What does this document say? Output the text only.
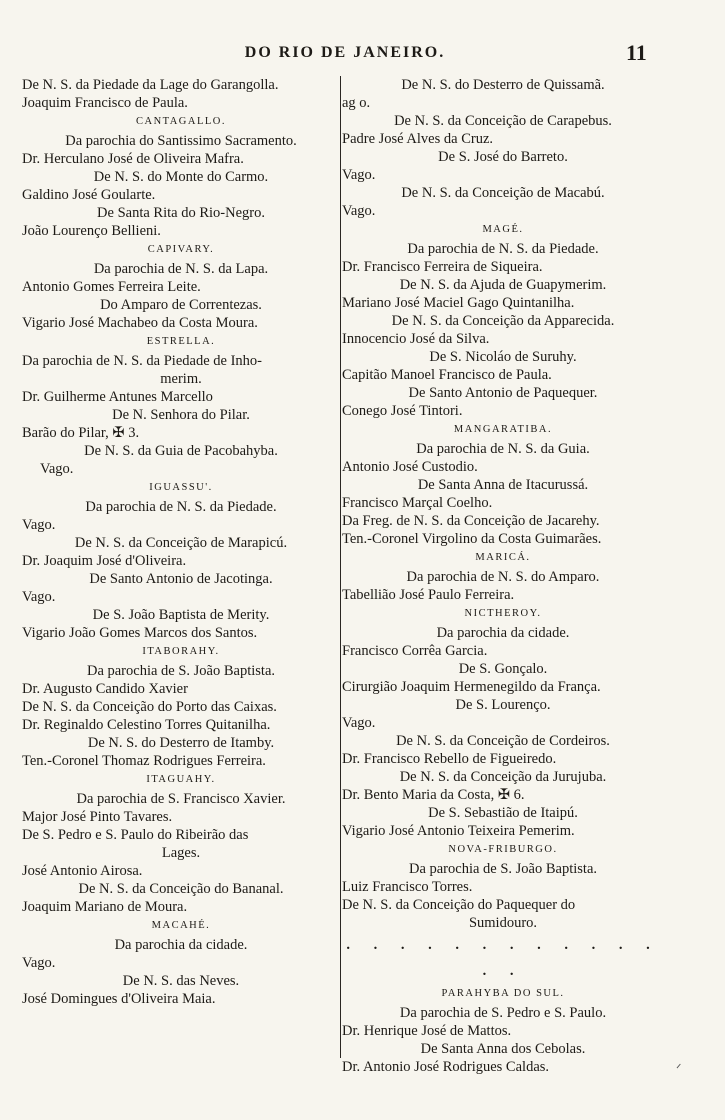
DO RIO DE JANEIRO.	11
De N. S. da Piedade da Lage do Garangolla.
Joaquim Francisco de Paula.
CANTAGALLO.
Da parochia do Santissimo Sacramento.
Dr. Herculano José de Oliveira Mafra.
De N. S. do Monte do Carmo.
Galdino José Goularte.
De Santa Rita do Rio-Negro.
João Lourenço Bellieni.
CAPIVARY.
Da parochia de N. S. da Lapa.
Antonio Gomes Ferreira Leite.
Do Amparo de Correntezas.
Vigario José Machabeo da Costa Moura.
ESTRELLA.
Da parochia de N. S. da Piedade de Inho-
merim.
Dr. Guilherme Antunes Marcello
De N. Senhora do Pilar.
Barão do Pilar, ✠ 3.
De N. S. da Guia de Pacobahyba.
Vago.
IGUASSU'.
Da parochia de N. S. da Piedade.
Vago.
De N. S. da Conceição de Marapicú.
Dr. Joaquim José d'Oliveira.
De Santo Antonio de Jacotinga.
Vago.
De S. João Baptista de Merity.
Vigario João Gomes Marcos dos Santos.
ITABORAHY.
Da parochia de S. João Baptista.
Dr. Augusto Candido Xavier
De N. S. da Conceição do Porto das Caixas.
Dr. Reginaldo Celestino Torres Quitanilha.
De N. S. do Desterro de Itamby.
Ten.-Coronel Thomaz Rodrigues Ferreira.
ITAGUAHY.
Da parochia de S. Francisco Xavier.
Major José Pinto Tavares.
De S. Pedro e S. Paulo do Ribeirão das
Lages.
José Antonio Airosa.
De N. S. da Conceição do Bananal.
Joaquim Mariano de Moura.
MACAHÉ.
Da parochia da cidade.
Vago.
De N. S. das Neves.
José Domingues d'Oliveira Maia.
De N. S. do Desterro de Quissamã.
ag o.
De N. S. da Conceição de Carapebus.
Padre José Alves da Cruz.
De S. José do Barreto.
Vago.
De N. S. da Conceição de Macabú.
Vago.
MAGÉ.
Da parochia de N. S. da Piedade.
Dr. Francisco Ferreira de Siqueira.
De N. S. da Ajuda de Guapymerim.
Mariano José Maciel Gago Quintanilha.
De N. S. da Conceição da Apparecida.
Innocencio José da Silva.
De S. Nicoláo de Suruhy.
Capitão Manoel Francisco de Paula.
De Santo Antonio de Paquequer.
Conego José Tintori.
MANGARATIBA.
Da parochia de N. S. da Guia.
Antonio José Custodio.
De Santa Anna de Itacurussá.
Francisco Marçal Coelho.
Da Freg. de N. S. da Conceição de Jacarehy.
Ten.-Coronel Virgolino da Costa Guimarães.
MARICÁ.
Da parochia de N. S. do Amparo.
Tabellião José Paulo Ferreira.
NICTHEROY.
Da parochia da cidade.
Francisco Corrêa Garcia.
De S. Gonçalo.
Cirurgião Joaquim Hermenegildo da França.
De S. Lourenço.
Vago.
De N. S. da Conceição de Cordeiros.
Dr. Francisco Rebello de Figueiredo.
De N. S. da Conceição da Jurujuba.
Dr. Bento Maria da Costa, ✠ 6.
De S. Sebastião de Itaipú.
Vigario José Antonio Teixeira Pemerim.
NOVA-FRIBURGO.
Da parochia de S. João Baptista.
Luiz Francisco Torres.
De N. S. da Conceição do Paquequer do
Sumidouro.
. . . . . . . . . . . . . .
PARAHYBA DO SUL.
Da parochia de S. Pedro e S. Paulo.
Dr. Henrique José de Mattos.
De Santa Anna dos Cebolas.
Dr. Antonio José Rodrigues Caldas.	ᐟ
